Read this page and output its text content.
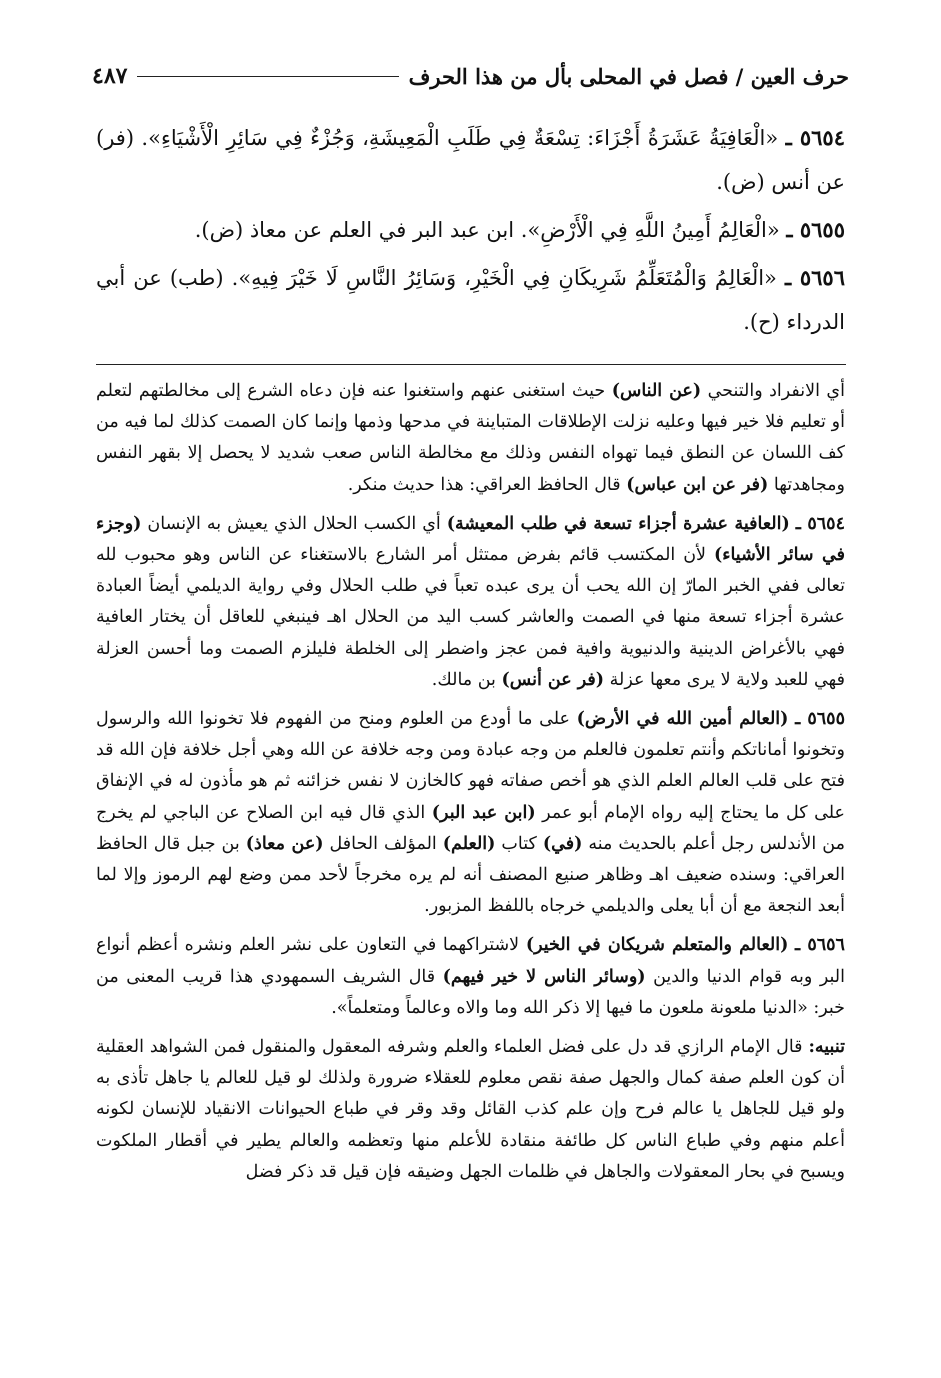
حرف العين / فصل في المحلى بأل من هذا الحرف
٤٨٧

٥٦٥٤ ـ «الْعَافِيَةُ عَشَرَةُ أَجْزَاءَ: تِسْعَةٌ فِي طَلَبِ الْمَعِيشَةِ، وَجُزْءٌ فِي سَائِرِ الْأَشْيَاءِ». (فر) عن أنس (ض).

٥٦٥٥ ـ «الْعَالِمُ أَمِينُ اللَّهِ فِي الْأَرْضِ». ابن عبد البر في العلم عن معاذ (ض).

٥٦٥٦ ـ «الْعَالِمُ وَالْمُتَعَلِّمُ شَرِيكَانِ فِي الْخَيْرِ، وَسَائِرُ النَّاسِ لَا خَيْرَ فِيهِ». (طب) عن أبي الدرداء (ح).

أي الانفراد والتنحي (عن الناس) حيث استغنى عنهم واستغنوا عنه فإن دعاه الشرع إلى مخالطتهم لتعلم أو تعليم فلا خير فيها وعليه نزلت الإطلاقات المتباينة في مدحها وذمها وإنما كان الصمت كذلك لما فيه من كف اللسان عن النطق فيما تهواه النفس وذلك مع مخالطة الناس صعب شديد لا يحصل إلا بقهر النفس ومجاهدتها (فر عن ابن عباس) قال الحافظ العراقي: هذا حديث منكر.

٥٦٥٤ ـ (العافية عشرة أجزاء تسعة في طلب المعيشة) أي الكسب الحلال الذي يعيش به الإنسان (وجزء في سائر الأشياء) لأن المكتسب قائم بفرض ممتثل أمر الشارع بالاستغناء عن الناس وهو محبوب لله تعالى ففي الخبر المارّ إن الله يحب أن يرى عبده تعباً في طلب الحلال وفي رواية الديلمي أيضاً العبادة عشرة أجزاء تسعة منها في الصمت والعاشر كسب اليد من الحلال اهـ فينبغي للعاقل أن يختار العافية فهي بالأغراض الدينية والدنيوية وافية فمن عجز واضطر إلى الخلطة فليلزم الصمت وما أحسن العزلة فهي للعبد ولاية لا يرى معها عزلة (فر عن أنس) بن مالك.

٥٦٥٥ ـ (العالم أمين الله في الأرض) على ما أودع من العلوم ومنح من الفهوم فلا تخونوا الله والرسول وتخونوا أماناتكم وأنتم تعلمون فالعلم من وجه عبادة ومن وجه خلافة عن الله وهي أجل خلافة فإن الله قد فتح على قلب العالم العلم الذي هو أخص صفاته فهو كالخازن لا نفس خزائنه ثم هو مأذون له في الإنفاق على كل ما يحتاج إليه رواه الإمام أبو عمر (ابن عبد البر) الذي قال فيه ابن الصلاح عن الباجي لم يخرج من الأندلس رجل أعلم بالحديث منه (في) كتاب (العلم) المؤلف الحافل (عن معاذ) بن جبل قال الحافظ العراقي: وسنده ضعيف اهـ وظاهر صنيع المصنف أنه لم يره مخرجاً لأحد ممن وضع لهم الرموز وإلا لما أبعد النجعة مع أن أبا يعلى والديلمي خرجاه باللفظ المزبور.

٥٦٥٦ ـ (العالم والمتعلم شريكان في الخير) لاشتراكهما في التعاون على نشر العلم ونشره أعظم أنواع البر وبه قوام الدنيا والدين (وسائر الناس لا خير فيهم) قال الشريف السمهودي هذا قريب المعنى من خبر: «الدنيا ملعونة ملعون ما فيها إلا ذكر الله وما والاه وعالماً ومتعلماً».

تنبيه: قال الإمام الرازي قد دل على فضل العلماء والعلم وشرفه المعقول والمنقول فمن الشواهد العقلية أن كون العلم صفة كمال والجهل صفة نقص معلوم للعقلاء ضرورة ولذلك لو قيل للعالم يا جاهل تأذى به ولو قيل للجاهل يا عالم فرح وإن علم كذب القائل وقد وقر في طباع الحيوانات الانقياد للإنسان لكونه أعلم منهم وفي طباع الناس كل طائفة منقادة للأعلم منها وتعظمه والعالم يطير في أقطار الملكوت ويسبح في بحار المعقولات والجاهل في ظلمات الجهل وضيقه فإن قيل قد ذكر فضل
